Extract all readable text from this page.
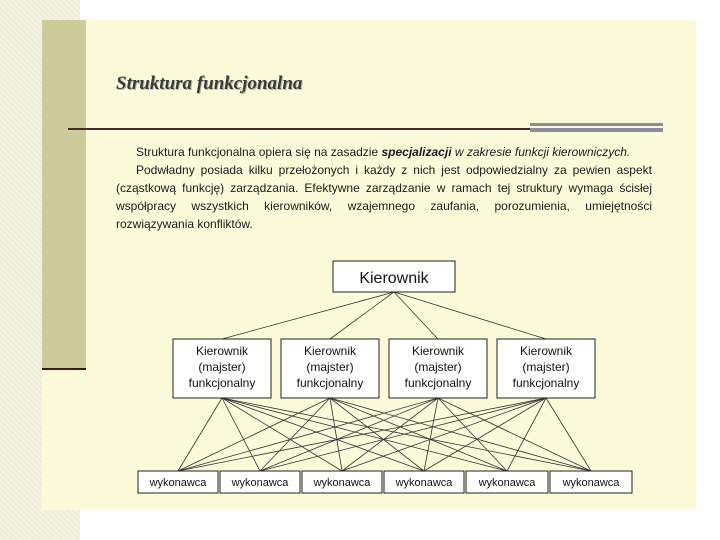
Struktura funkcjonalna

Struktura funkcjonalna opiera się na zasadzie specjalizacji w zakresie funkcji kierowniczych.

Podwładny posiada kilku przełożonych i każdy z nich jest odpowiedzialny za pewien aspekt (cząstkową funkcję) zarządzania. Efektywne zarządzanie w ramach tej struktury wymaga ścisłej współpracy wszystkich kierowników, wzajemnego zaufania, porozumienia, umiejętności rozwiązywania konfliktów.

Kierownik
Kierownik
(majster)
funkcjonalny
Kierownik
(majster)
funkcjonalny
Kierownik
(majster)
funkcjonalny
Kierownik
(majster)
funkcjonalny
wykonawca wykonawca wykonawca wykonawca wykonawca wykonawca
